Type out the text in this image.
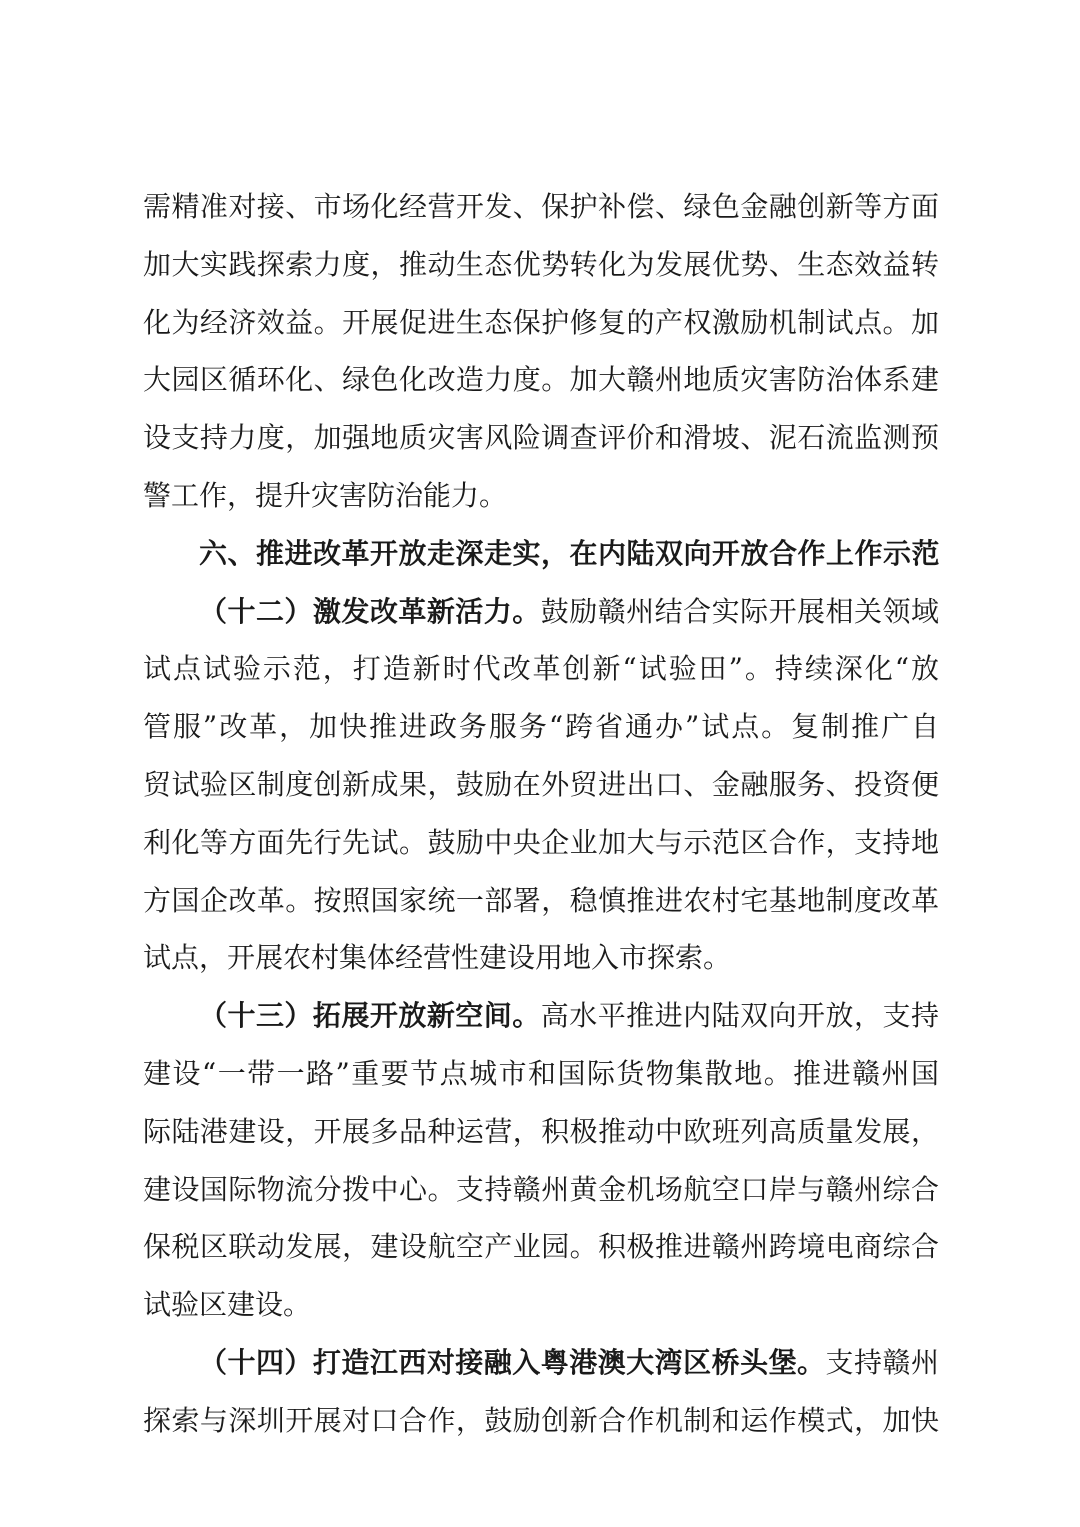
需精准对接、市场化经营开发、保护补偿、绿色金融创新等方面
加大实践探索力度，推动生态优势转化为发展优势、生态效益转
化为经济效益。开展促进生态保护修复的产权激励机制试点。加
大园区循环化、绿色化改造力度。加大赣州地质灾害防治体系建
设支持力度，加强地质灾害风险调查评价和滑坡、泥石流监测预
警工作，提升灾害防治能力。
六、推进改革开放走深走实，在内陆双向开放合作上作示范
（十二）激发改革新活力。鼓励赣州结合实际开展相关领域
试点试验示范，打造新时代改革创新“试验田”。持续深化“放
管服”改革，加快推进政务服务“跨省通办”试点。复制推广自
贸试验区制度创新成果，鼓励在外贸进出口、金融服务、投资便
利化等方面先行先试。鼓励中央企业加大与示范区合作，支持地
方国企改革。按照国家统一部署，稳慎推进农村宅基地制度改革
试点，开展农村集体经营性建设用地入市探索。
（十三）拓展开放新空间。高水平推进内陆双向开放，支持
建设“一带一路”重要节点城市和国际货物集散地。推进赣州国
际陆港建设，开展多品种运营，积极推动中欧班列高质量发展，
建设国际物流分拨中心。支持赣州黄金机场航空口岸与赣州综合
保税区联动发展，建设航空产业园。积极推进赣州跨境电商综合
试验区建设。
（十四）打造江西对接融入粤港澳大湾区桥头堡。支持赣州
探索与深圳开展对口合作，鼓励创新合作机制和运作模式，加快
